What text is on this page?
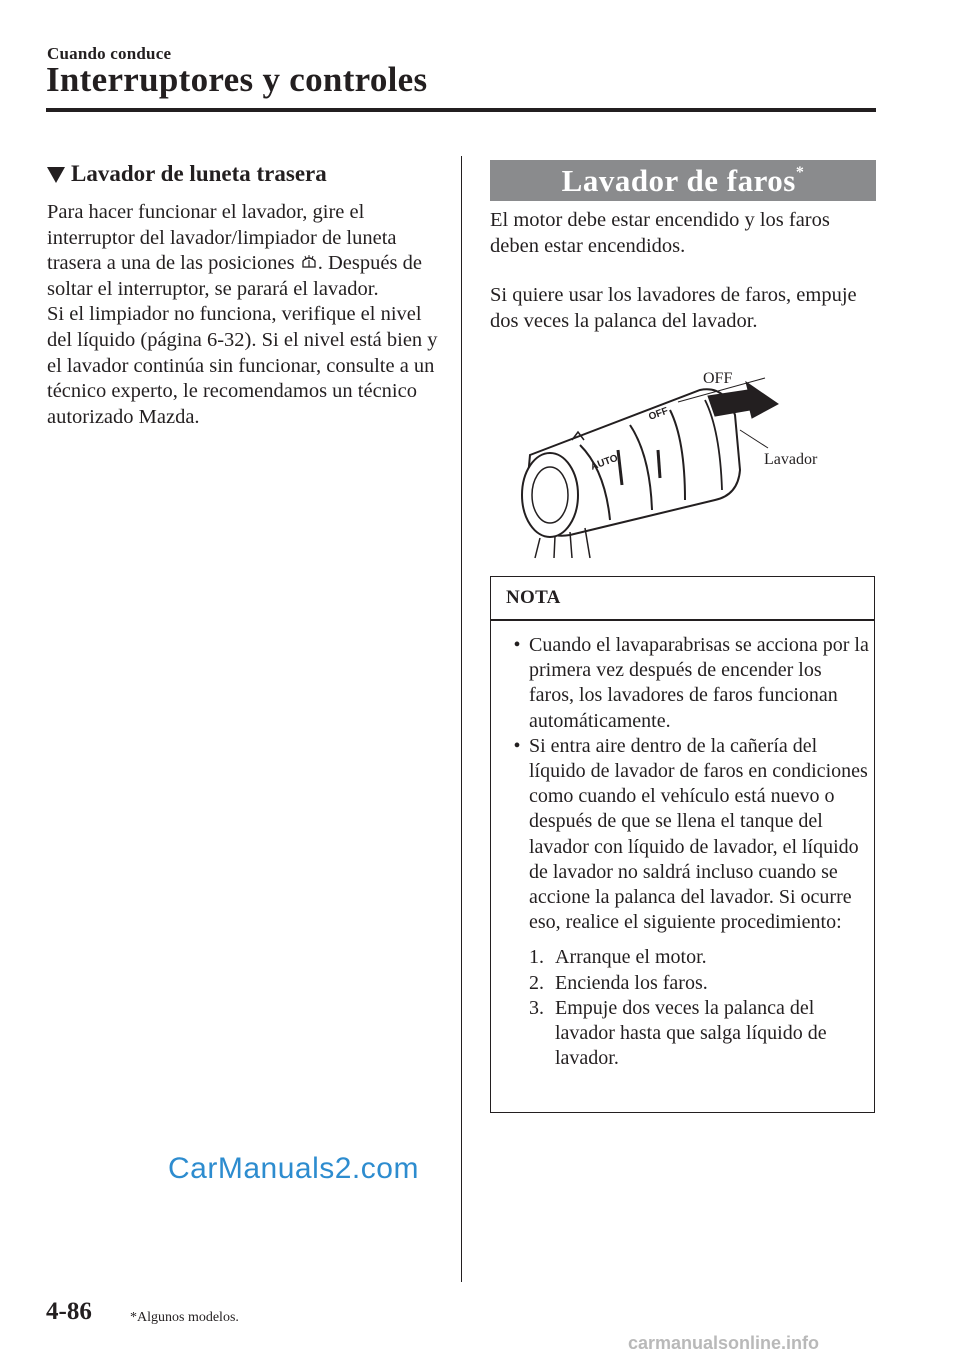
Cuando conduce
Interruptores y controles
Lavador de luneta trasera

Para hacer funcionar el lavador, gire el interruptor del lavador/limpiador de luneta trasera a una de las posiciones . Después de soltar el interruptor, se parará el lavador.

Si el limpiador no funciona, verifique el nivel del líquido (página 6-32). Si el nivel está bien y el lavador continúa sin funcionar, consulte a un técnico experto, le recomendamos un técnico autorizado Mazda.

Lavador de faros*
El motor debe estar encendido y los faros deben estar encendidos.
Si quiere usar los lavadores de faros, empuje dos veces la palanca del lavador.
AUTO
OFF
OFF
Lavador
NOTA
• Cuando el lavaparabrisas se acciona por la primera vez después de encender los faros, los lavadores de faros funcionan automáticamente.
• Si entra aire dentro de la cañería del líquido de lavador de faros en condiciones como cuando el vehículo está nuevo o después de que se llena el tanque del lavador con líquido de lavador, el líquido de lavador no saldrá incluso cuando se accione la palanca del lavador. Si ocurre eso, realice el siguiente procedimiento:
1. Arranque el motor.
2. Encienda los faros.
3. Empuje dos veces la palanca del lavador hasta que salga líquido de lavador.
CarManuals2.com
4-86	*Algunos modelos.
carmanualsonline.info
